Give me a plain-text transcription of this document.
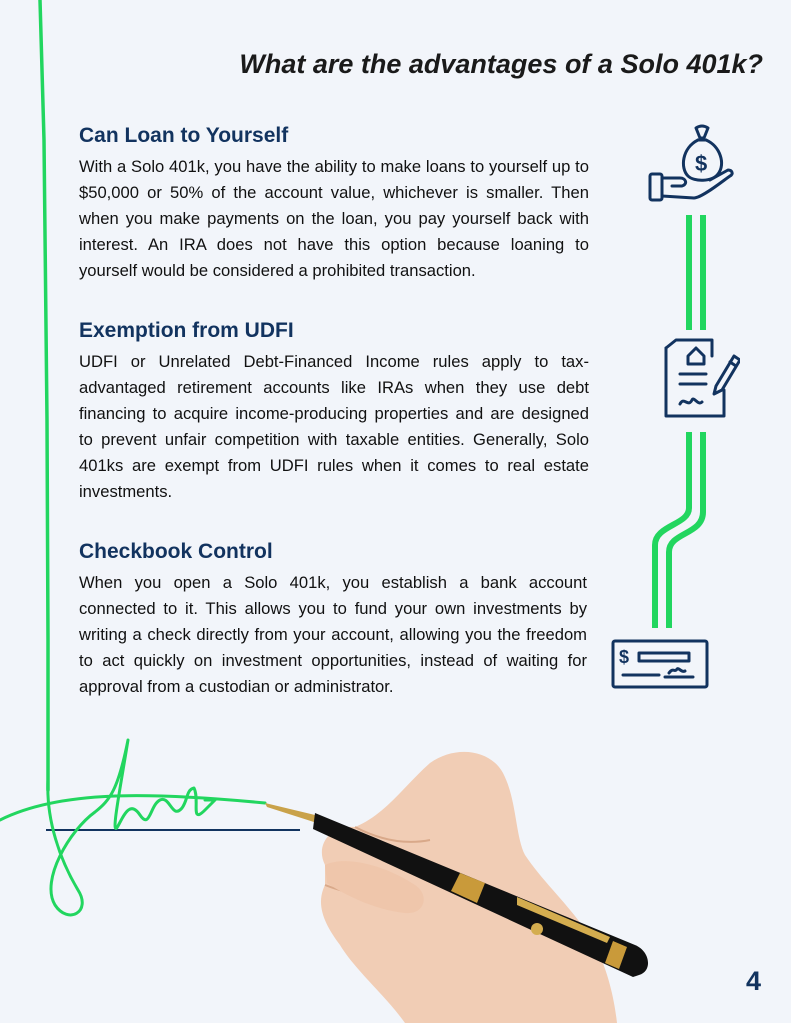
$
$
What are the advantages of a Solo 401k?
Can Loan to Yourself

With a Solo 401k, you have the ability to make loans to yourself up to $50,000 or 50% of the account value, whichever is smaller. Then when you make payments on the loan, you pay yourself back with interest. An IRA does not have this option because loaning to yourself would be considered a prohibited transaction.

Exemption from UDFI

UDFI or Unrelated Debt-Financed Income rules apply to tax-advantaged retirement accounts like IRAs when they use debt financing to acquire income-producing properties and are designed to prevent unfair competition with taxable entities. Generally, Solo 401ks are exempt from UDFI rules when it comes to real estate investments.

Checkbook Control

When you open a Solo 401k, you establish a bank account connected to it. This allows you to fund your own investments by writing a check directly from your account, allowing you the freedom to act quickly on investment opportunities, instead of waiting for approval from a custodian or administrator.

4
